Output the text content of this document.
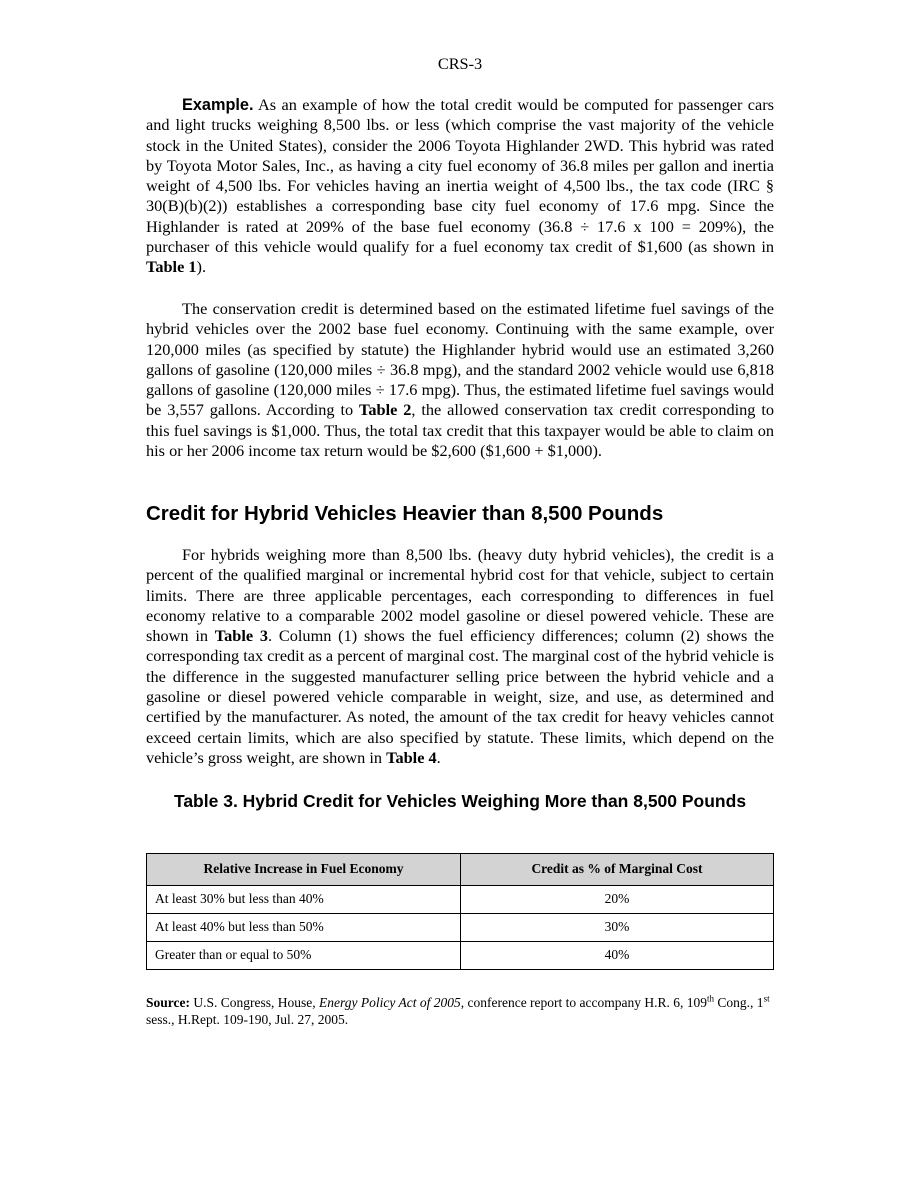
CRS-3

Example. As an example of how the total credit would be computed for passenger cars and light trucks weighing 8,500 lbs. or less (which comprise the vast majority of the vehicle stock in the United States), consider the 2006 Toyota Highlander 2WD. This hybrid was rated by Toyota Motor Sales, Inc., as having a city fuel economy of 36.8 miles per gallon and inertia weight of 4,500 lbs. For vehicles having an inertia weight of 4,500 lbs., the tax code (IRC § 30(B)(b)(2)) establishes a corresponding base city fuel economy of 17.6 mpg. Since the Highlander is rated at 209% of the base fuel economy (36.8 ÷ 17.6 x 100 = 209%), the purchaser of this vehicle would qualify for a fuel economy tax credit of $1,600 (as shown in Table 1).

The conservation credit is determined based on the estimated lifetime fuel savings of the hybrid vehicles over the 2002 base fuel economy. Continuing with the same example, over 120,000 miles (as specified by statute) the Highlander hybrid would use an estimated 3,260 gallons of gasoline (120,000 miles ÷ 36.8 mpg), and the standard 2002 vehicle would use 6,818 gallons of gasoline (120,000 miles ÷ 17.6 mpg). Thus, the estimated lifetime fuel savings would be 3,557 gallons. According to Table 2, the allowed conservation tax credit corresponding to this fuel savings is $1,000. Thus, the total tax credit that this taxpayer would be able to claim on his or her 2006 income tax return would be $2,600 ($1,600 + $1,000).

Credit for Hybrid Vehicles Heavier than 8,500 Pounds

For hybrids weighing more than 8,500 lbs. (heavy duty hybrid vehicles), the credit is a percent of the qualified marginal or incremental hybrid cost for that vehicle, subject to certain limits. There are three applicable percentages, each corresponding to differences in fuel economy relative to a comparable 2002 model gasoline or diesel powered vehicle. These are shown in Table 3. Column (1) shows the fuel efficiency differences; column (2) shows the corresponding tax credit as a percent of marginal cost. The marginal cost of the hybrid vehicle is the difference in the suggested manufacturer selling price between the hybrid vehicle and a gasoline or diesel powered vehicle comparable in weight, size, and use, as determined and certified by the manufacturer. As noted, the amount of the tax credit for heavy vehicles cannot exceed certain limits, which are also specified by statute. These limits, which depend on the vehicle’s gross weight, are shown in Table 4.

Table 3. Hybrid Credit for Vehicles Weighing More than 8,500 Pounds

Relative Increase in Fuel Economy	Credit as % of Marginal Cost
At least 30% but less than 40%	20%
At least 40% but less than 50%	30%
Greater than or equal to 50%	40%

Source: U.S. Congress, House, Energy Policy Act of 2005, conference report to accompany H.R. 6, 109th Cong., 1st sess., H.Rept. 109-190, Jul. 27, 2005.
